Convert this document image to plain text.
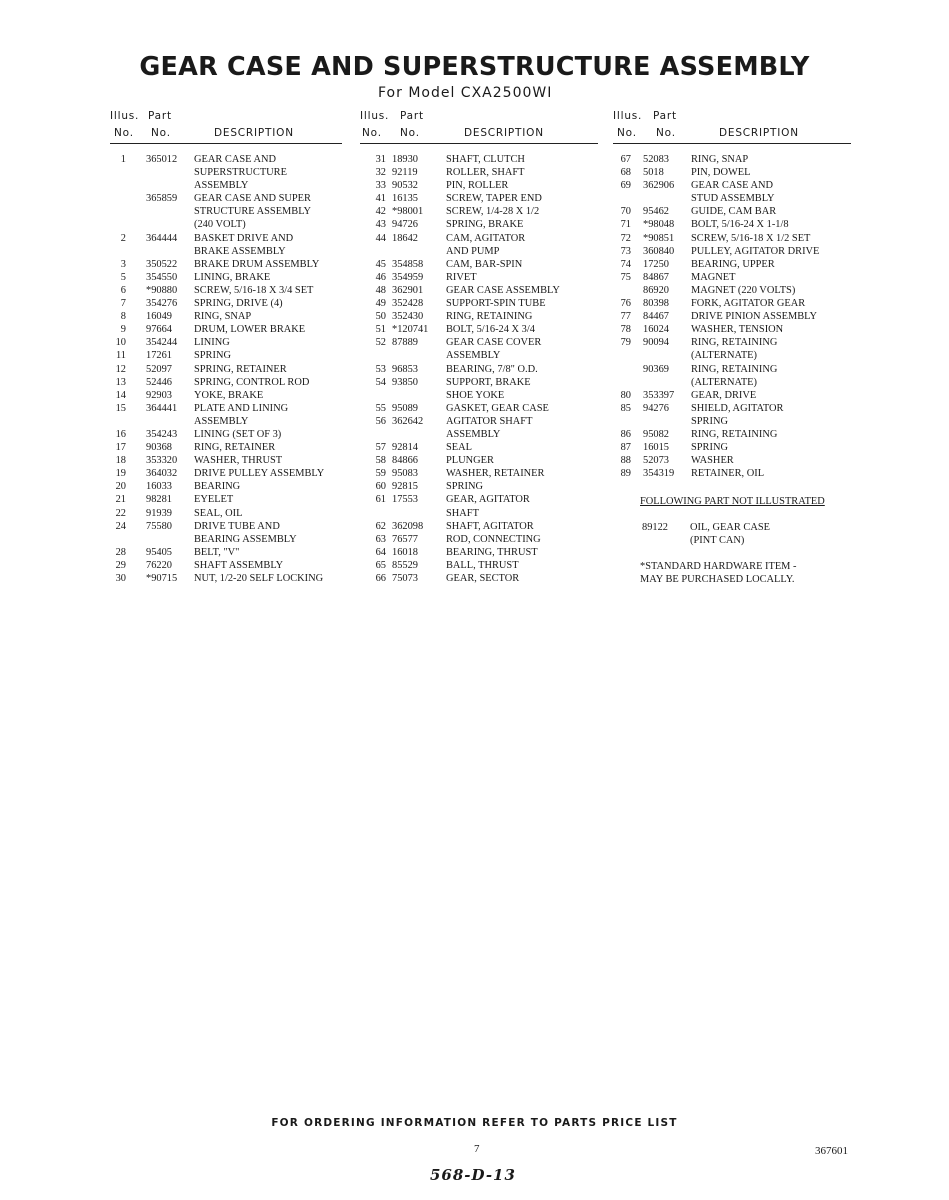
GEAR CASE AND SUPERSTRUCTURE ASSEMBLY
For Model CXA2500WI
Illus. Part
No. No.	DESCRIPTION
1 365012 GEAR CASE AND
SUPERSTRUCTURE
ASSEMBLY
365859 GEAR CASE AND SUPER
STRUCTURE ASSEMBLY
(240 VOLT)
2 364444 BASKET DRIVE AND
BRAKE ASSEMBLY
3 350522 BRAKE DRUM ASSEMBLY
5 354550 LINING, BRAKE
6 *90880 SCREW, 5/16-18 X 3/4 SET
7 354276 SPRING, DRIVE (4)
8 16049 RING, SNAP
9 97664 DRUM, LOWER BRAKE
10 354244 LINING
11 17261 SPRING
12 52097 SPRING, RETAINER
13 52446 SPRING, CONTROL ROD
14 92903 YOKE, BRAKE
15 364441 PLATE AND LINING
ASSEMBLY
16 354243 LINING (SET OF 3)
17 90368 RING, RETAINER
18 353320 WASHER, THRUST
19 364032 DRIVE PULLEY ASSEMBLY
20 16033 BEARING
21 98281 EYELET
22 91939 SEAL, OIL
24 75580 DRIVE TUBE AND
BEARING ASSEMBLY
28 95405 BELT, "V"
29 76220 SHAFT ASSEMBLY
30 *90715 NUT, 1/2-20 SELF LOCKING
Illus. Part
No. No.	DESCRIPTION
31 18930	SHAFT, CLUTCH
32 92119	ROLLER, SHAFT
33 90532	PIN, ROLLER
41 16135	SCREW, TAPER END
42 *98001 SCREW, 1/4-28 X 1/2
43 94726	SPRING, BRAKE
44 18642	CAM, AGITATOR
AND PUMP
45 354858 CAM, BAR-SPIN
46 354959 RIVET
48 362901 GEAR CASE ASSEMBLY
49 352428 SUPPORT-SPIN TUBE
50 352430 RING, RETAINING
51 *120741 BOLT, 5/16-24 X 3/4
52 87889	GEAR CASE COVER
ASSEMBLY
53 96853	BEARING, 7/8" O.D.
54 93850	SUPPORT, BRAKE
SHOE YOKE
55 95089	GASKET, GEAR CASE
56 362642 AGITATOR SHAFT
ASSEMBLY
57 92814	SEAL
58 84866	PLUNGER
59 95083	WASHER, RETAINER
60 92815	SPRING
61 17553	GEAR, AGITATOR
SHAFT
62 362098 SHAFT, AGITATOR
63 76577	ROD, CONNECTING
64 16018	BEARING, THRUST
65 85529	BALL, THRUST
66 75073	GEAR, SECTOR
Illus. Part
No. No.	DESCRIPTION
67 52083 RING, SNAP
68 5018	PIN, DOWEL
69 362906 GEAR CASE AND
STUD ASSEMBLY
70 95462 GUIDE, CAM BAR
71 *98048 BOLT, 5/16-24 X 1-1/8
72 *90851 SCREW, 5/16-18 X 1/2 SET
73 360840 PULLEY, AGITATOR DRIVE
74 17250 BEARING, UPPER
75 84867 MAGNET
86920 MAGNET (220 VOLTS)
76 80398 FORK, AGITATOR GEAR
77 84467 DRIVE PINION ASSEMBLY
78 16024 WASHER, TENSION
79 90094 RING, RETAINING
(ALTERNATE)
90369 RING, RETAINING
(ALTERNATE)
80 353397 GEAR, DRIVE
85 94276 SHIELD, AGITATOR
SPRING
86 95082 RING, RETAINING
87 16015 SPRING
88 52073 WASHER
89 354319 RETAINER, OIL
FOLLOWING PART NOT ILLUSTRATED
89122 OIL, GEAR CASE
(PINT CAN)
*STANDARD HARDWARE ITEM -
MAY BE PURCHASED LOCALLY.
FOR ORDERING INFORMATION REFER TO PARTS PRICE LIST
7	367601
568-D-13
